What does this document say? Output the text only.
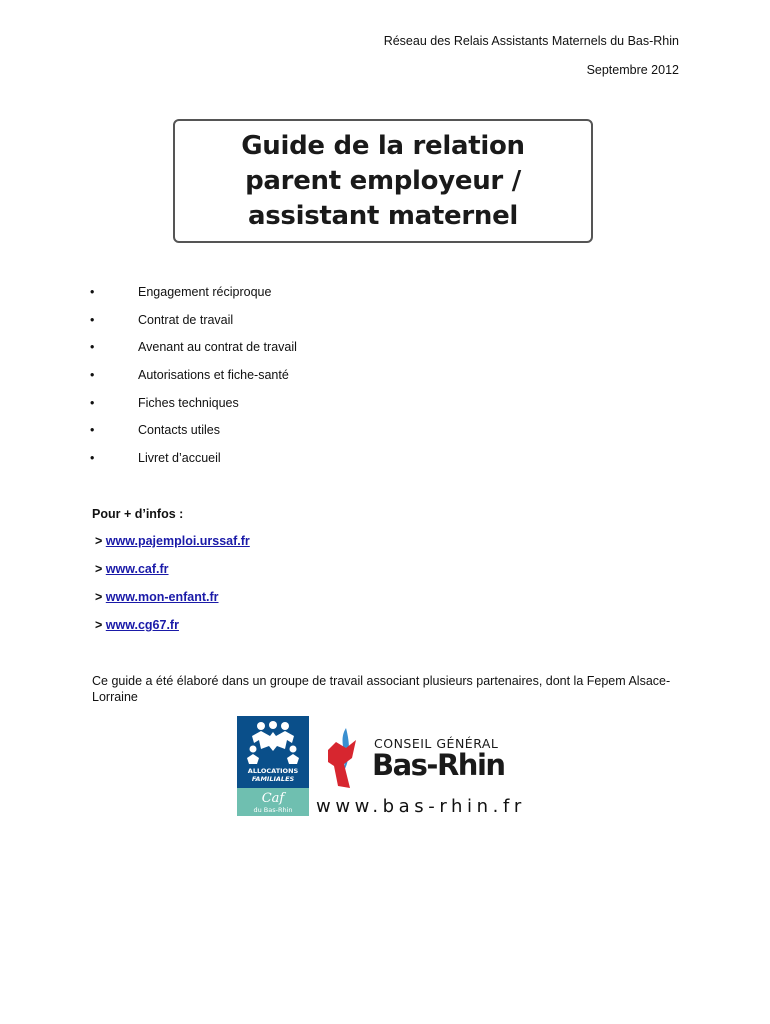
Réseau des Relais Assistants Maternels du Bas-Rhin
Septembre 2012
Guide de la relation
parent employeur /
assistant maternel
•	Engagement réciproque
•	Contrat de travail
•	Avenant au contrat de travail
•	Autorisations et fiche-santé
•	Fiches techniques
•	Contacts utiles
•	Livret d’accueil
Pour + d’infos :
> www.pajemploi.urssaf.fr
> www.caf.fr
> www.mon-enfant.fr
> www.cg67.fr
Ce guide a été élaboré dans un groupe de travail associant plusieurs partenaires, dont la Fepem Alsace-Lorraine
ALLOCATIONS
FAMILIALES
Caf
du Bas-Rhin
CONSEIL GÉNÉRAL
Bas-Rhin
www.bas-rhin.fr
